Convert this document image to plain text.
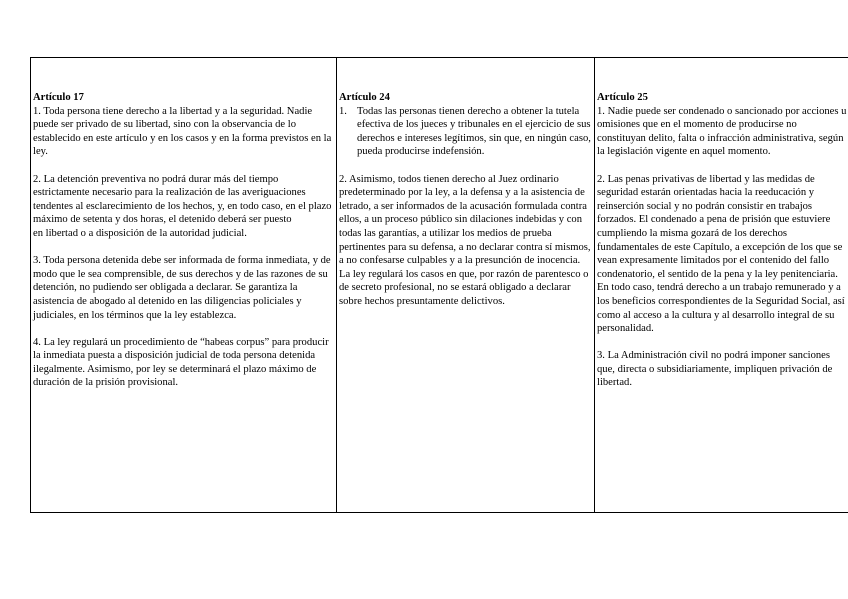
Artículo 17
1. Toda persona tiene derecho a la libertad y a la seguridad. Nadie puede ser privado de su libertad, sino con la observancia de lo establecido en este artículo y en los casos y en la forma previstos en la ley.
2. La detención preventiva no podrá durar más del tiempo estrictamente necesario para la realización de las averiguaciones tendentes al esclarecimiento de los hechos, y, en todo caso, en el plazo máximo de setenta y dos horas, el detenido deberá ser puesto
en libertad o a disposición de la autoridad judicial.
3. Toda persona detenida debe ser informada de forma inmediata, y de modo que le sea comprensible, de sus derechos y de las razones de su detención, no pudiendo ser obligada a declarar. Se garantiza la asistencia de abogado al detenido en las diligencias policiales y judiciales, en los términos que la ley establezca.
4. La ley regulará un procedimiento de “habeas corpus” para producir la inmediata puesta a disposición judicial de toda persona detenida ilegalmente. Asimismo, por ley se determinará el plazo máximo de duración de la prisión provisional.

Artículo 24
1. Todas las personas tienen derecho a obtener la tutela efectiva de los jueces y tribunales en el ejercicio de sus derechos e intereses legítimos, sin que, en ningún caso, pueda producirse indefensión.
2. Asimismo, todos tienen derecho al Juez ordinario predeterminado por la ley, a la defensa y a la asistencia de letrado, a ser informados de la acusación formulada contra ellos, a un proceso público sin dilaciones indebidas y con todas las garantías, a utilizar los medios de prueba pertinentes para su defensa, a no declarar contra sí mismos, a no confesarse culpables y a la presunción de inocencia. La ley regulará los casos en que, por razón de parentesco o de secreto profesional, no se estará obligado a declarar sobre hechos presuntamente delictivos.

Artículo 25
1. Nadie puede ser condenado o sancionado por acciones u omisiones que en el momento de producirse no constituyan delito, falta o infracción administrativa, según la legislación vigente en aquel momento.
2. Las penas privativas de libertad y las medidas de seguridad estarán orientadas hacia la reeducación y reinserción social y no podrán consistir en trabajos forzados. El condenado a pena de prisión que estuviere cumpliendo la misma gozará de los derechos fundamentales de este Capítulo, a excepción de los que se vean expresamente limitados por el contenido del fallo condenatorio, el sentido de la pena y la ley penitenciaria. En todo caso, tendrá derecho a un trabajo remunerado y a los beneficios correspondientes de la Seguridad Social, así como al acceso a la cultura y al desarrollo integral de su personalidad.
3. La Administración civil no podrá imponer sanciones que, directa o subsidiariamente, impliquen privación de libertad.
